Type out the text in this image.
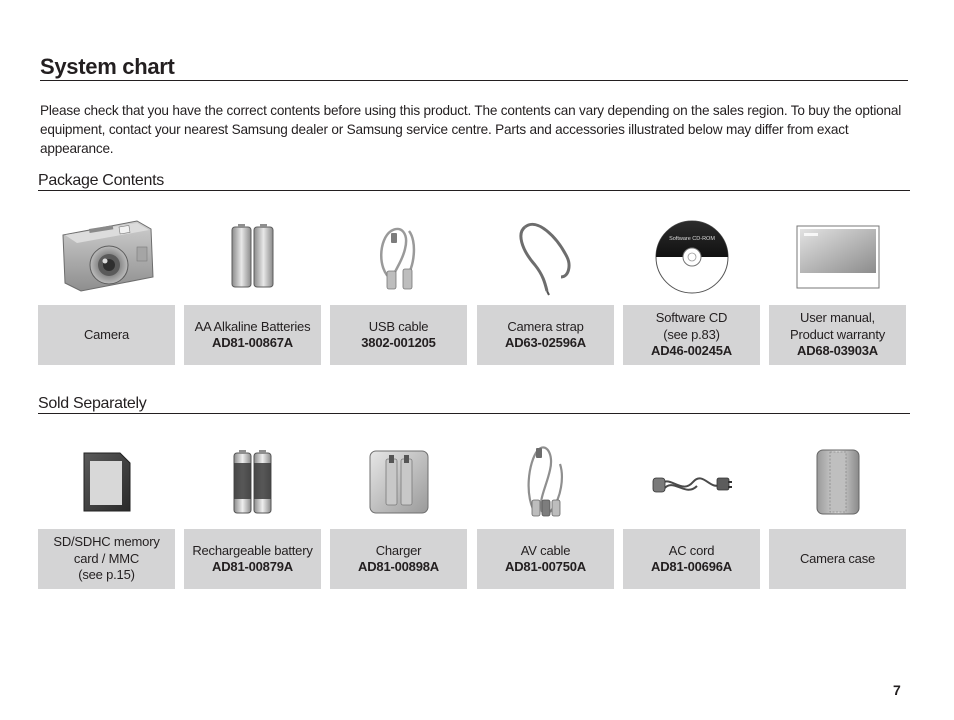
System chart
Please check that you have the correct contents before using this product. The contents can vary depending on the sales region. To buy the optional equipment, contact your nearest Samsung dealer or Samsung service centre. Parts and accessories illustrated below may differ from exact appearance.
Package Contents
Software CD-ROM
Camera
AA Alkaline Batteries
AD81-00867A
USB cable
3802-001205
Camera strap
AD63-02596A
Software CD
(see p.83)
AD46-00245A
User manual,
Product warranty
AD68-03903A
Sold Separately
SD/SDHC memory
card / MMC
(see p.15)
Rechargeable battery
AD81-00879A
Charger
AD81-00898A
AV cable
AD81-00750A
AC cord
AD81-00696A
Camera case
7
